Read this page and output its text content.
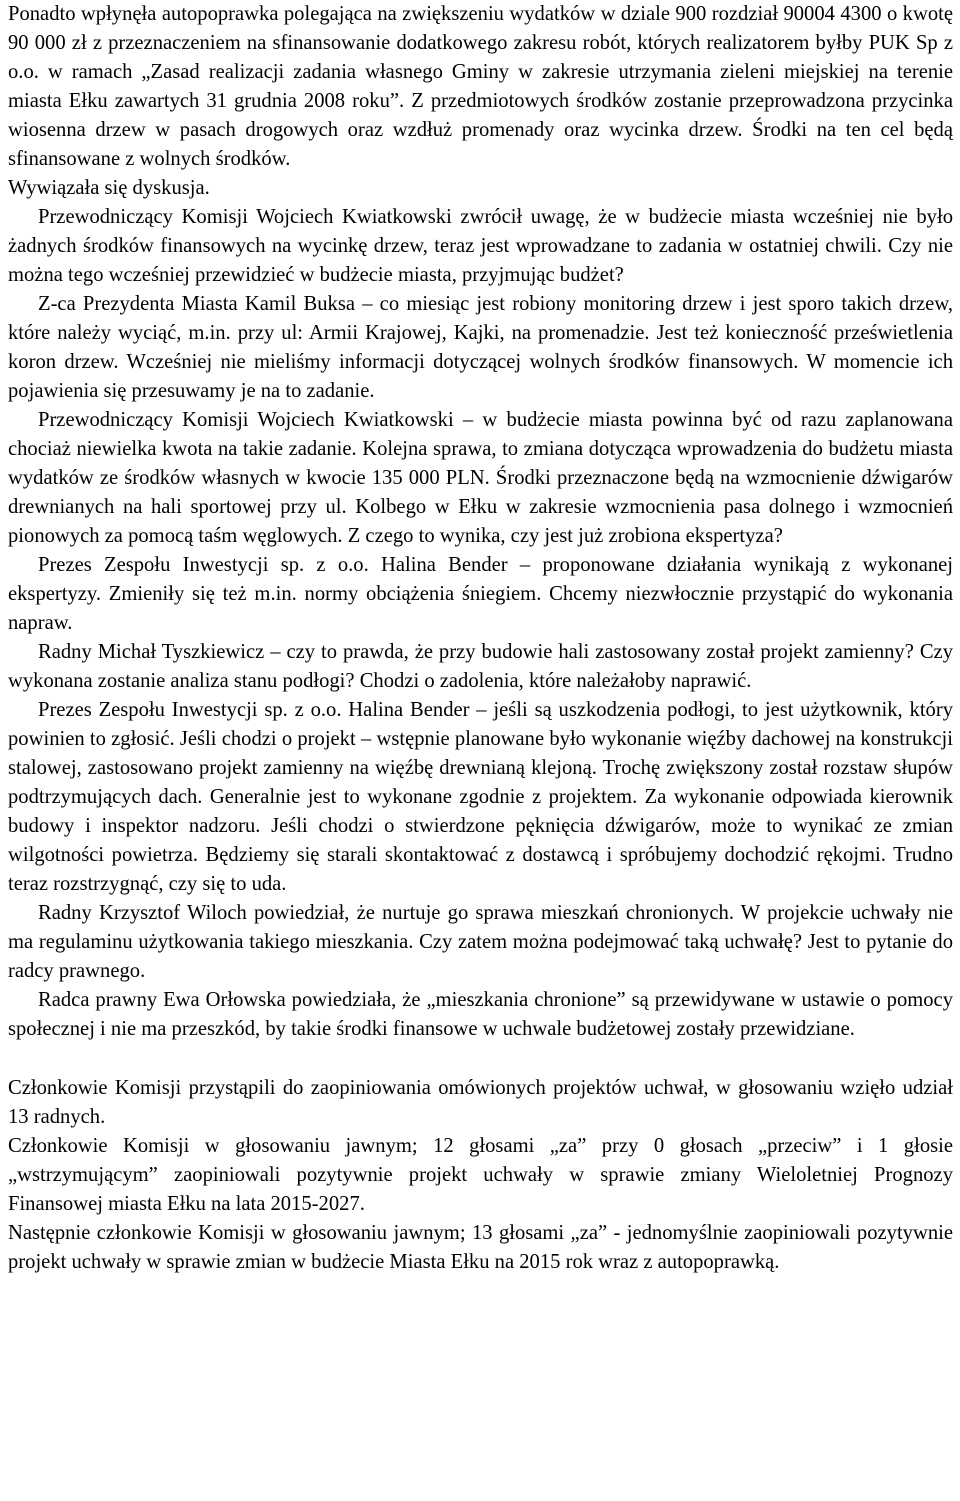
Ponadto wpłynęła autopoprawka polegająca na zwiększeniu wydatków w dziale 900 rozdział 90004 4300 o kwotę 90 000 zł z przeznaczeniem na sfinansowanie dodatkowego zakresu robót, których realizatorem byłby PUK Sp z o.o. w ramach „Zasad realizacji zadania własnego Gminy w zakresie utrzymania zieleni miejskiej na terenie miasta Ełku zawartych 31 grudnia 2008 roku”. Z przedmiotowych środków zostanie przeprowadzona przycinka wiosenna drzew w pasach drogowych oraz wzdłuż promenady oraz wycinka drzew. Środki na ten cel będą sfinansowane z wolnych środków.

Wywiązała się dyskusja.

Przewodniczący Komisji Wojciech Kwiatkowski zwrócił uwagę, że w budżecie miasta wcześniej nie było żadnych środków finansowych na wycinkę drzew, teraz jest wprowadzane to zadania w ostatniej chwili. Czy nie można tego wcześniej przewidzieć w budżecie miasta, przyjmując budżet?

Z-ca Prezydenta Miasta Kamil Buksa – co miesiąc jest robiony monitoring drzew i jest sporo takich drzew, które należy wyciąć, m.in. przy ul: Armii Krajowej, Kajki, na promenadzie. Jest też konieczność prześwietlenia koron drzew. Wcześniej nie mieliśmy informacji dotyczącej wolnych środków finansowych. W momencie ich pojawienia się przesuwamy je na to zadanie.

Przewodniczący Komisji Wojciech Kwiatkowski – w budżecie miasta powinna być od razu zaplanowana chociaż niewielka kwota na takie zadanie. Kolejna sprawa, to zmiana dotycząca wprowadzenia do budżetu miasta wydatków ze środków własnych w kwocie 135 000 PLN. Środki przeznaczone będą na wzmocnienie dźwigarów drewnianych na hali sportowej przy ul. Kolbego w Ełku w zakresie wzmocnienia pasa dolnego i wzmocnień pionowych za pomocą taśm węglowych. Z czego to wynika, czy jest już zrobiona ekspertyza?

Prezes Zespołu Inwestycji sp. z o.o. Halina Bender – proponowane działania wynikają z wykonanej ekspertyzy. Zmieniły się też m.in. normy obciążenia śniegiem. Chcemy niezwłocznie przystąpić do wykonania napraw.

Radny Michał Tyszkiewicz – czy to prawda, że przy budowie hali zastosowany został projekt zamienny? Czy wykonana zostanie analiza stanu podłogi? Chodzi o zadolenia, które należałoby naprawić.

Prezes Zespołu Inwestycji sp. z o.o. Halina Bender – jeśli są uszkodzenia podłogi, to jest użytkownik, który powinien to zgłosić. Jeśli chodzi o projekt – wstępnie planowane było wykonanie więźby dachowej na konstrukcji stalowej, zastosowano projekt zamienny na więźbę drewnianą klejoną. Trochę zwiększony został rozstaw słupów podtrzymujących dach. Generalnie jest to wykonane zgodnie z projektem. Za wykonanie odpowiada kierownik budowy i inspektor nadzoru. Jeśli chodzi o stwierdzone pęknięcia dźwigarów, może to wynikać ze zmian wilgotności powietrza. Będziemy się starali skontaktować z dostawcą i spróbujemy dochodzić rękojmi. Trudno teraz rozstrzygnąć, czy się to uda.

Radny Krzysztof Wiloch powiedział, że nurtuje go sprawa mieszkań chronionych. W projekcie uchwały nie ma regulaminu użytkowania takiego mieszkania. Czy zatem można podejmować taką uchwałę? Jest to pytanie do radcy prawnego.

Radca prawny Ewa Orłowska powiedziała, że „mieszkania chronione” są przewidywane w ustawie o pomocy społecznej i nie ma przeszkód, by takie środki finansowe w uchwale budżetowej zostały przewidziane.

Członkowie Komisji przystąpili do zaopiniowania omówionych projektów uchwał, w głosowaniu wzięło udział 13 radnych.

Członkowie Komisji w głosowaniu jawnym; 12 głosami „za” przy 0 głosach „przeciw” i 1 głosie „wstrzymującym” zaopiniowali pozytywnie projekt uchwały w sprawie zmiany Wieloletniej Prognozy Finansowej miasta Ełku na lata 2015-2027.

Następnie członkowie Komisji w głosowaniu jawnym; 13 głosami „za” - jednomyślnie zaopiniowali pozytywnie projekt uchwały w sprawie zmian w budżecie Miasta Ełku na 2015 rok wraz z autopoprawką.
